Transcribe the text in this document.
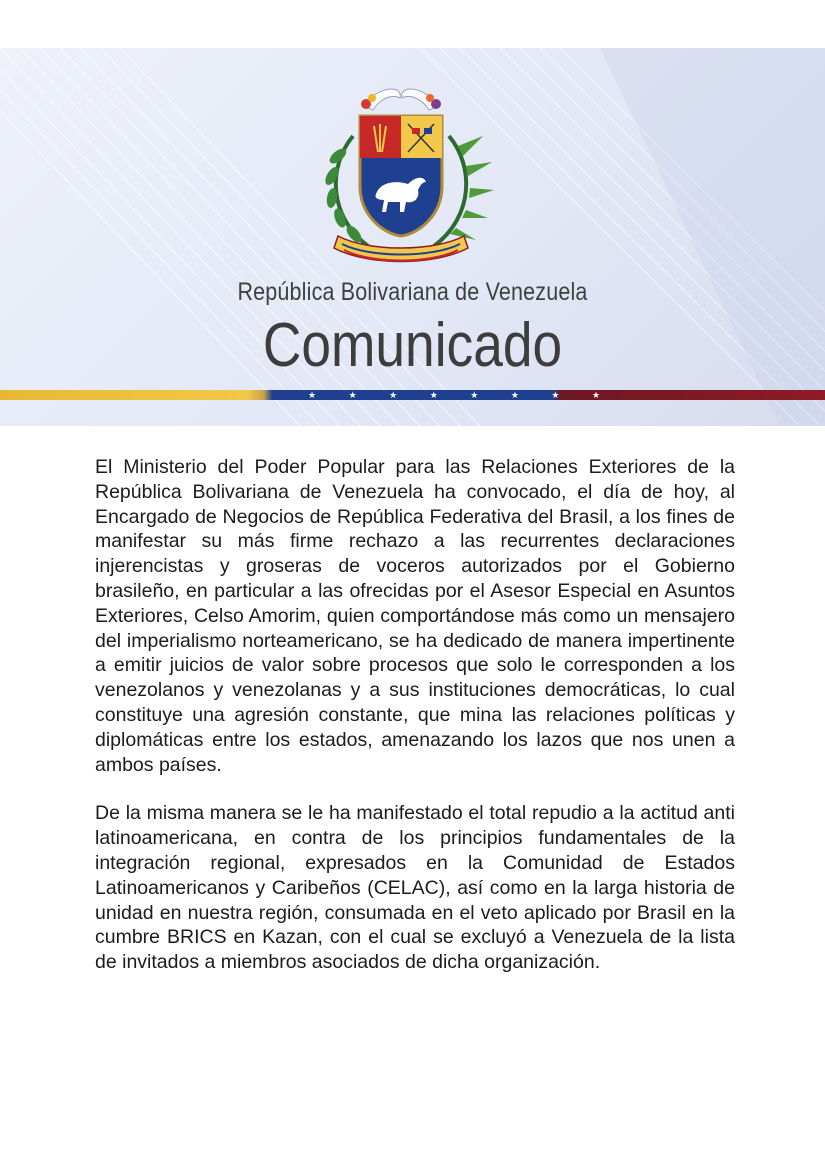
República Bolivariana de Venezuela
Comunicado
★ ★ ★ ★ ★ ★ ★ ★

El Ministerio del Poder Popular para las Relaciones Exteriores de la República Bolivariana de Venezuela ha convocado, el día de hoy, al Encargado de Negocios de República Federativa del Brasil, a los fines de manifestar su más firme rechazo a las recurrentes declaraciones injerencistas y groseras de voceros autorizados por el Gobierno brasileño, en particular a las ofrecidas por el Asesor Especial en Asuntos Exteriores, Celso Amorim, quien comportándose más como un mensajero del imperialismo norteamericano, se ha dedicado de manera impertinente a emitir juicios de valor sobre procesos que solo le corresponden a los venezolanos y venezolanas y a sus instituciones democráticas, lo cual constituye una agresión constante, que mina las relaciones políticas y diplomáticas entre los estados, amenazando los lazos que nos unen a ambos países.

De la misma manera se le ha manifestado el total repudio a la actitud anti latinoamericana, en contra de los principios fundamentales de la integración regional, expresados en la Comunidad de Estados Latinoamericanos y Caribeños (CELAC), así como en la larga historia de unidad en nuestra región, consumada en el veto aplicado por Brasil en la cumbre BRICS en Kazan, con el cual se excluyó a Venezuela de la lista de invitados a miembros asociados de dicha organización.
